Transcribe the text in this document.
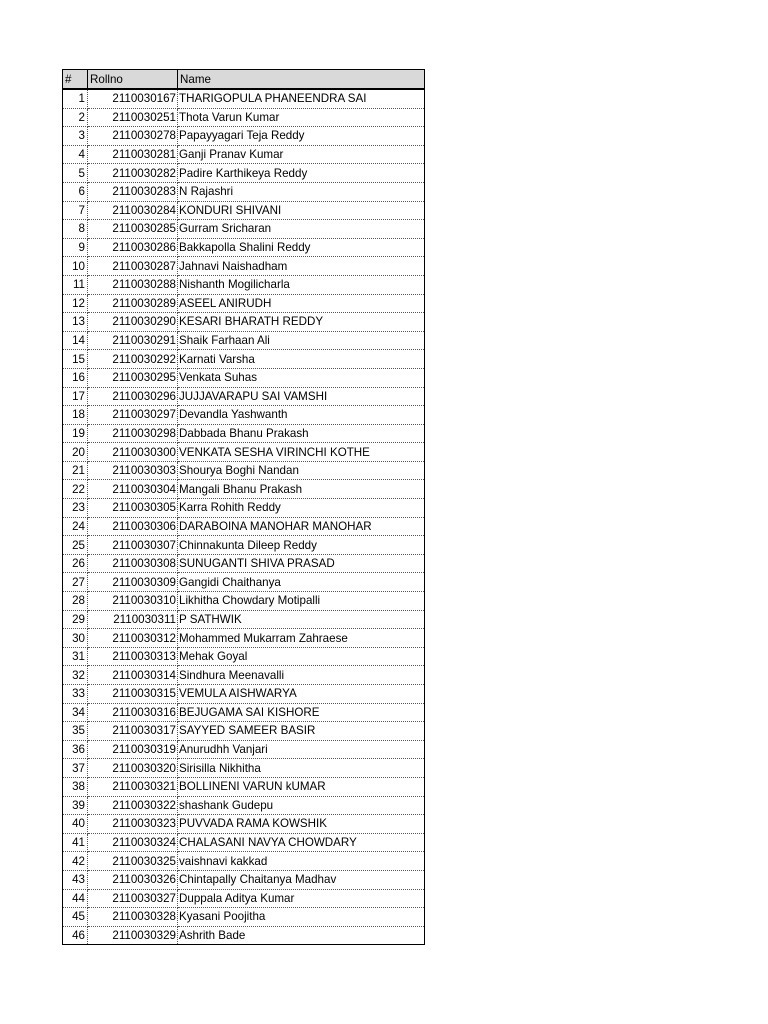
#	Rollno	Name
1	2110030167	THARIGOPULA PHANEENDRA SAI
2	2110030251	Thota Varun Kumar
3	2110030278	Papayyagari Teja Reddy
4	2110030281	Ganji Pranav Kumar
5	2110030282	Padire Karthikeya Reddy
6	2110030283	N Rajashri
7	2110030284	KONDURI SHIVANI
8	2110030285	Gurram Sricharan
9	2110030286	Bakkapolla Shalini Reddy
10	2110030287	Jahnavi Naishadham
11	2110030288	Nishanth Mogilicharla
12	2110030289	ASEEL ANIRUDH
13	2110030290	KESARI BHARATH REDDY
14	2110030291	Shaik Farhaan Ali
15	2110030292	Karnati Varsha
16	2110030295	Venkata Suhas
17	2110030296	JUJJAVARAPU SAI VAMSHI
18	2110030297	Devandla Yashwanth
19	2110030298	Dabbada Bhanu Prakash
20	2110030300	VENKATA SESHA VIRINCHI KOTHE
21	2110030303	Shourya Boghi Nandan
22	2110030304	Mangali Bhanu Prakash
23	2110030305	Karra Rohith Reddy
24	2110030306	DARABOINA MANOHAR MANOHAR
25	2110030307	Chinnakunta Dileep Reddy
26	2110030308	SUNUGANTI SHIVA PRASAD
27	2110030309	Gangidi Chaithanya
28	2110030310	Likhitha Chowdary Motipalli
29	2110030311	P SATHWIK
30	2110030312	Mohammed Mukarram Zahraese
31	2110030313	Mehak Goyal
32	2110030314	Sindhura Meenavalli
33	2110030315	VEMULA AISHWARYA
34	2110030316	BEJUGAMA SAI KISHORE
35	2110030317	SAYYED SAMEER BASIR
36	2110030319	Anurudhh Vanjari
37	2110030320	Sirisilla Nikhitha
38	2110030321	BOLLINENI VARUN kUMAR
39	2110030322	shashank Gudepu
40	2110030323	PUVVADA RAMA KOWSHIK
41	2110030324	CHALASANI NAVYA CHOWDARY
42	2110030325	vaishnavi kakkad
43	2110030326	Chintapally Chaitanya Madhav
44	2110030327	Duppala Aditya Kumar
45	2110030328	Kyasani Poojitha
46	2110030329	Ashrith Bade
